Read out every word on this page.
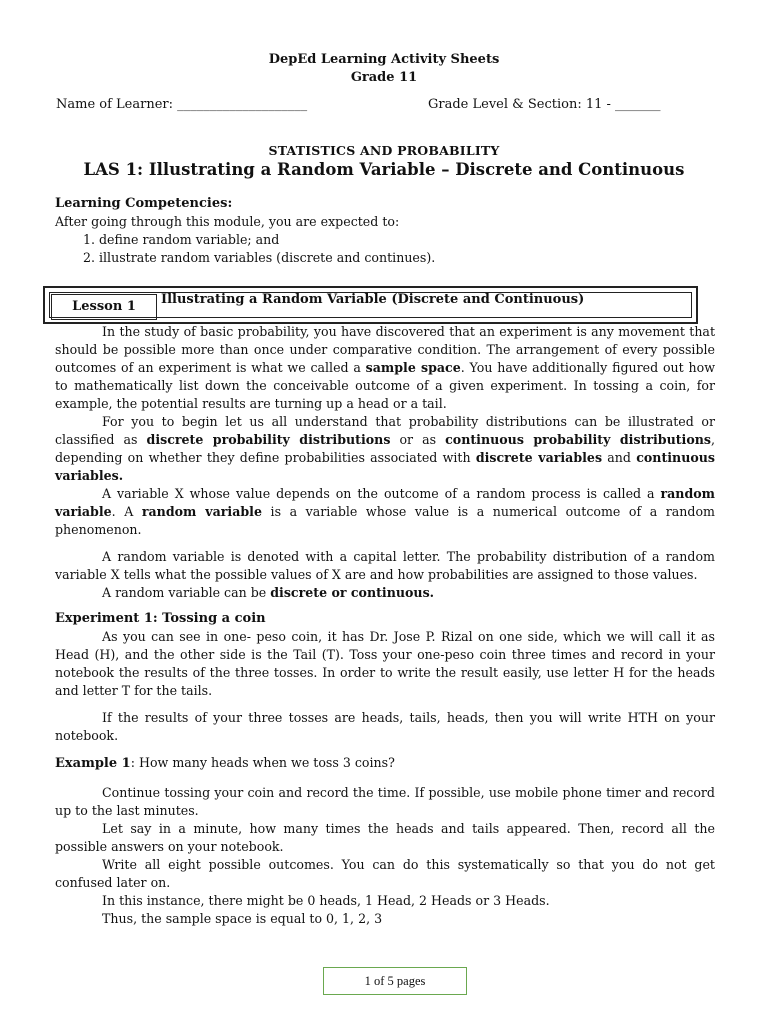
DepEd Learning Activity Sheets
Grade 11
Name of Learner: ____________________	Grade Level & Section: 11 - _______
STATISTICS AND PROBABILITY
LAS 1: Illustrating a Random Variable – Discrete and Continuous
Learning Competencies:
After going through this module, you are expected to:
1. define random variable; and
2. illustrate random variables (discrete and continues).
Lesson 1	Illustrating a Random Variable (Discrete and Continuous)

In the study of basic probability, you have discovered that an experiment is any movement that should be possible more than once under comparative condition. The arrangement of every possible outcomes of an experiment is what we called a sample space. You have additionally figured out how to mathematically list down the conceivable outcome of a given experiment. In tossing a coin, for example, the potential results are turning up a head or a tail.

For you to begin let us all understand that probability distributions can be illustrated or classified as discrete probability distributions or as continuous probability distributions, depending on whether they define probabilities associated with discrete variables and continuous variables.

A variable X whose value depends on the outcome of a random process is called a random variable. A random variable is a variable whose value is a numerical outcome of a random phenomenon.

A random variable is denoted with a capital letter. The probability distribution of a random variable X tells what the possible values of X are and how probabilities are assigned to those values.

A random variable can be discrete or continuous.

Experiment 1: Tossing a coin

As you can see in one- peso coin, it has Dr. Jose P. Rizal on one side, which we will call it as Head (H), and the other side is the Tail (T). Toss your one-peso coin three times and record in your notebook the results of the three tosses. In order to write the result easily, use letter H for the heads and letter T for the tails.

If the results of your three tosses are heads, tails, heads, then you will write HTH on your notebook.

Example 1: How many heads when we toss 3 coins?

Continue tossing your coin and record the time. If possible, use mobile phone timer and record up to the last minutes.

Let say in a minute, how many times the heads and tails appeared. Then, record all the possible answers on your notebook.

Write all eight possible outcomes. You can do this systematically so that you do not get confused later on.

In this instance, there might be 0 heads, 1 Head, 2 Heads or 3 Heads.

Thus, the sample space is equal to 0, 1, 2, 3

1 of 5 pages
